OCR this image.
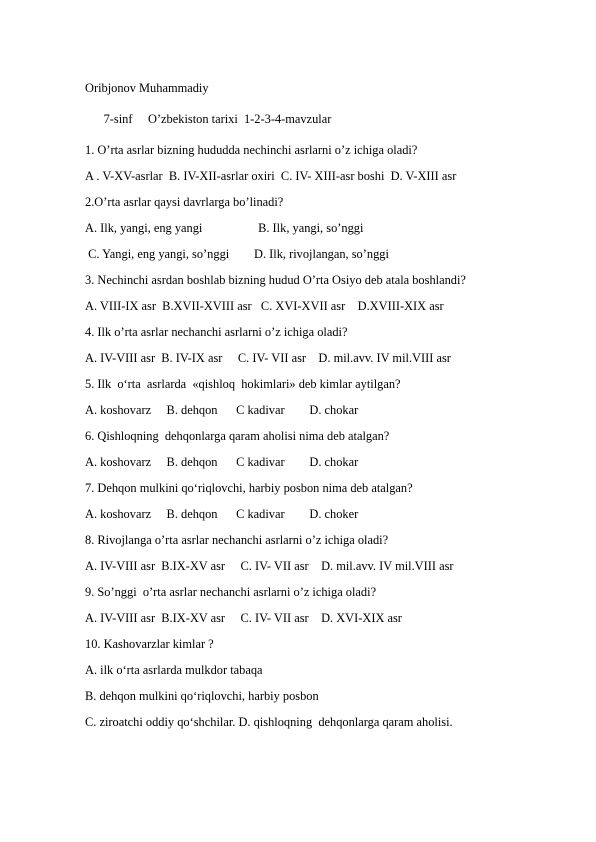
Oribjonov Muhammadiy
7-sinf     O’zbekiston tarixi  1-2-3-4-mavzular
1. O’rta asrlar bizning hududda nechinchi asrlarni o’z ichiga oladi?
A . V-XV-asrlar  B. IV-XII-asrlar oxiri  C. IV- XIII-asr boshi  D. V-XIII asr
2.O’rta asrlar qaysi davrlarga bo’linadi?
A. Ilk, yangi, eng yangi                  B. Ilk, yangi, so’nggi
C. Yangi, eng yangi, so’nggi        D. Ilk, rivojlangan, so’nggi
3. Nechinchi asrdan boshlab bizning hudud O’rta Osiyo deb atala boshlandi?
A. VIII-IX asr  B.XVII-XVIII asr   C. XVI-XVII asr    D.XVIII-XIX asr
4. Ilk o’rta asrlar nechanchi asrlarni o’z ichiga oladi?
A. IV-VIII asr  B. IV-IX asr     C. IV- VII asr    D. mil.avv. IV mil.VIII asr
5. Ilk  o‘rta  asrlarda  «qishloq  hokimlari» deb kimlar aytilgan?
A. koshovarz     B. dehqon      C kadivar        D. chokar
6. Qishloqning  dehqonlarga qaram aholisi nima deb atalgan?
A. koshovarz     B. dehqon      C kadivar        D. chokar
7. Dehqon mulkini qo‘riqlovchi, harbiy posbon nima deb atalgan?
A. koshovarz     B. dehqon      C kadivar        D. choker
8. Rivojlanga o’rta asrlar nechanchi asrlarni o’z ichiga oladi?
A. IV-VIII asr  B.IX-XV asr     C. IV- VII asr    D. mil.avv. IV mil.VIII asr
9. So’nggi  o’rta asrlar nechanchi asrlarni o’z ichiga oladi?
A. IV-VIII asr  B.IX-XV asr     C. IV- VII asr    D. XVI-XIX asr
10. Kashovarzlar kimlar ?
A. ilk o‘rta asrlarda mulkdor tabaqa
B. dehqon mulkini qo‘riqlovchi, harbiy posbon
C. ziroatchi oddiy qo‘shchilar. D. qishloqning  dehqonlarga qaram aholisi.
